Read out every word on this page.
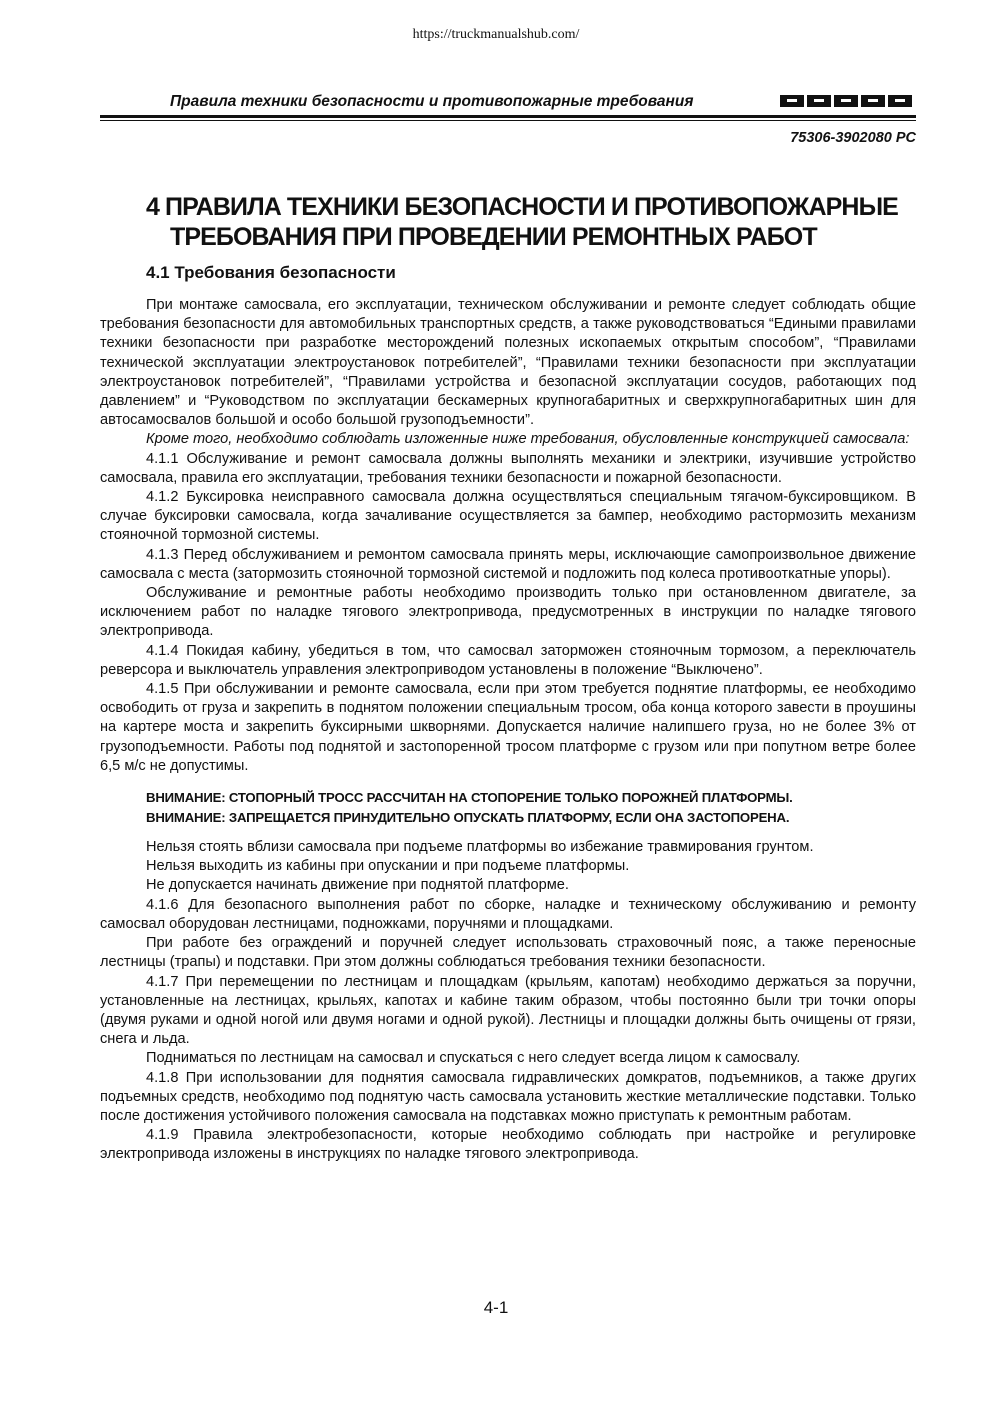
https://truckmanualshub.com/
Правила техники безопасности и противопожарные требования
75306-3902080 РС
4 ПРАВИЛА ТЕХНИКИ БЕЗОПАСНОСТИ И ПРОТИВОПОЖАРНЫЕ
ТРЕБОВАНИЯ ПРИ ПРОВЕДЕНИИ РЕМОНТНЫХ РАБОТ
4.1 Требования безопасности

При монтаже самосвала, его эксплуатации, техническом обслуживании и ремонте следует соблюдать общие требования безопасности для автомобильных транспортных средств, а также руководствоваться “Едиными правилами техники безопасности при разработке месторождений полезных ископаемых открытым способом”, “Правилами технической эксплуатации электроустановок потребителей”, “Правилами техники безопасности при эксплуатации электроустановок потребителей”, “Правилами устройства и безопасной эксплуатации сосудов, работающих под давлением” и “Руководством по эксплуатации бескамерных крупногабаритных и сверхкрупногабаритных шин для автосамосвалов большой и особо большой грузоподъемности”.

Кроме того, необходимо соблюдать изложенные ниже требования, обусловленные конструкцией самосвала:

4.1.1 Обслуживание и ремонт самосвала должны выполнять механики и электрики, изучившие устройство самосвала, правила его эксплуатации, требования техники безопасности и пожарной безопасности.

4.1.2 Буксировка неисправного самосвала должна осуществляться специальным тягачом-буксировщиком. В случае буксировки самосвала, когда зачаливание осуществляется за бампер, необходимо растормозить механизм стояночной тормозной системы.

4.1.3 Перед обслуживанием и ремонтом самосвала принять меры, исключающие самопроизвольное движение самосвала с места (затормозить стояночной тормозной системой и подложить под колеса противооткатные упоры).

Обслуживание и ремонтные работы необходимо производить только при остановленном двигателе, за исключением работ по наладке тягового электропривода, предусмотренных в инструкции по наладке тягового электропривода.

4.1.4 Покидая кабину, убедиться в том, что самосвал заторможен стояночным тормозом, а переключатель реверсора и выключатель управления электроприводом установлены в положение “Выключено”.

4.1.5 При обслуживании и ремонте самосвала, если при этом требуется поднятие платформы, ее необходимо освободить от груза и закрепить в поднятом положении специальным тросом, оба конца которого завести в проушины на картере моста и закрепить буксирными шкворнями. Допускается наличие налипшего груза, но не более 3% от грузоподъемности. Работы под поднятой и застопоренной тросом платформе с грузом или при попутном ветре более 6,5 м/с не допустимы.

ВНИМАНИЕ: СТОПОРНЫЙ ТРОСС РАССЧИТАН НА СТОПОРЕНИЕ ТОЛЬКО ПОРОЖНЕЙ ПЛАТФОРМЫ.
ВНИМАНИЕ: ЗАПРЕЩАЕТСЯ ПРИНУДИТЕЛЬНО ОПУСКАТЬ ПЛАТФОРМУ, ЕСЛИ ОНА ЗАСТОПОРЕНА.

Нельзя стоять вблизи самосвала при подъеме платформы во избежание травмирования грунтом.

Нельзя выходить из кабины при опускании и при подъеме платформы.

Не допускается начинать движение при поднятой платформе.

4.1.6 Для безопасного выполнения работ по сборке, наладке и техническому обслуживанию и ремонту самосвал оборудован лестницами, подножками, поручнями и площадками.

При работе без ограждений и поручней следует использовать страховочный пояс, а также переносные лестницы (трапы) и подставки. При этом должны соблюдаться требования техники безопасности.

4.1.7 При перемещении по лестницам и площадкам (крыльям, капотам) необходимо держаться за поручни, установленные на лестницах, крыльях, капотах и кабине таким образом, чтобы постоянно были три точки опоры (двумя руками и одной ногой или двумя ногами и одной рукой). Лестницы и площадки должны быть очищены от грязи, снега и льда.

Подниматься по лестницам на самосвал и спускаться с него следует всегда лицом к самосвалу.

4.1.8 При использовании для поднятия самосвала гидравлических домкратов, подъемников, а также других подъемных средств, необходимо под поднятую часть самосвала установить жесткие металлические подставки. Только после достижения устойчивого положения самосвала на подставках можно приступать к ремонтным работам.

4.1.9 Правила электробезопасности, которые необходимо соблюдать при настройке и регулировке электропривода изложены в инструкциях по наладке тягового электропривода.

4-1
